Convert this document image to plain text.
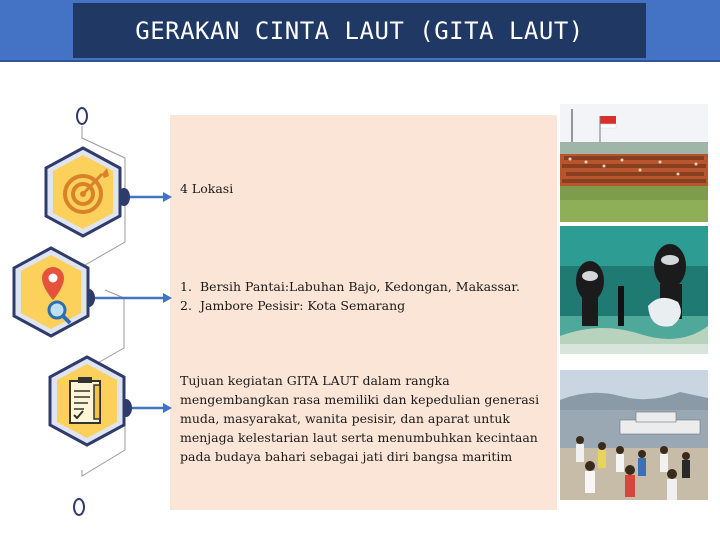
GERAKAN CINTA LAUT (GITA LAUT)
4 Lokasi
1. Bersih Pantai:Labuhan Bajo, Kedongan, Makassar.
2. Jambore Pesisir: Kota Semarang
Tujuan kegiatan GITA LAUT dalam rangka mengembangkan rasa memiliki dan kepedulian generasi muda, masyarakat, wanita pesisir, dan aparat untuk menjaga kelestarian laut serta menumbuhkan kecintaan pada budaya bahari sebagai jati diri bangsa maritim
